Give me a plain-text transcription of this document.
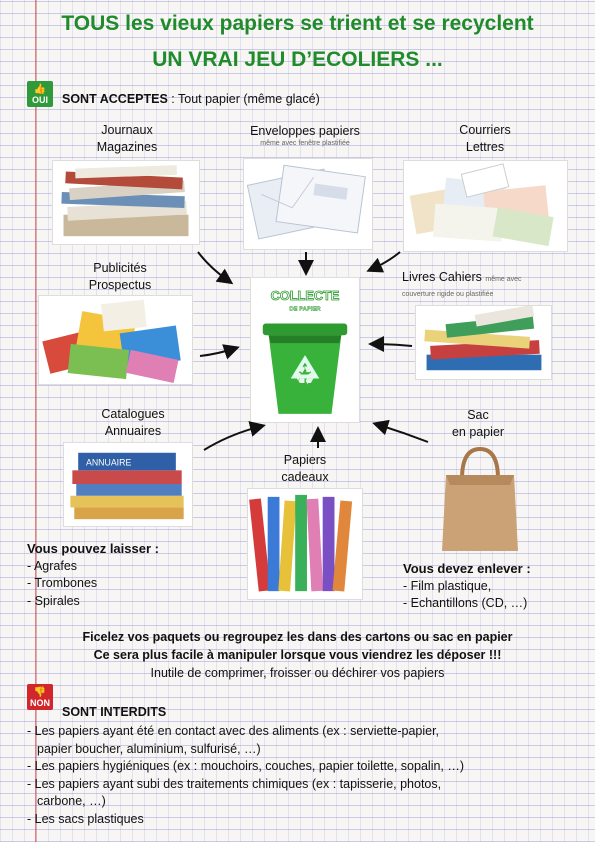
TOUS les vieux papiers se trient et se recyclent
UN VRAI JEU D’ECOLIERS ...
👍
OUI SONT ACCEPTES : Tout papier (même glacé)
Journaux
Magazines
Enveloppes papiers
même avec fenêtre plastifiée
Courriers
Lettres
Publicités
Prospectus
Livres Cahiers même avec
couverture rigide ou plastifiée
Catalogues
Annuaires
Papiers
cadeaux
Sac
en papier
ANNUAIRE
COLLECTE
DE PAPIER
♻
Vous pouvez laisser :
- Agrafes
- Trombones
- Spirales
Vous devez enlever :
- Film plastique,
- Echantillons (CD, …)
Ficelez vos paquets ou regroupez les dans des cartons ou sac en papier
Ce sera plus facile à manipuler lorsque vous viendrez les déposer !!!
Inutile de comprimer, froisser ou déchirer vos papiers
👎
NON
SONT INTERDITS
- Les papiers ayant été en contact avec des aliments (ex : serviette-papier,
papier boucher, aluminium, sulfurisé, …)
- Les papiers hygiéniques (ex : mouchoirs, couches, papier toilette, sopalin, …)
- Les papiers ayant subi des traitements chimiques (ex : tapisserie, photos,
carbone, …)
- Les sacs plastiques
